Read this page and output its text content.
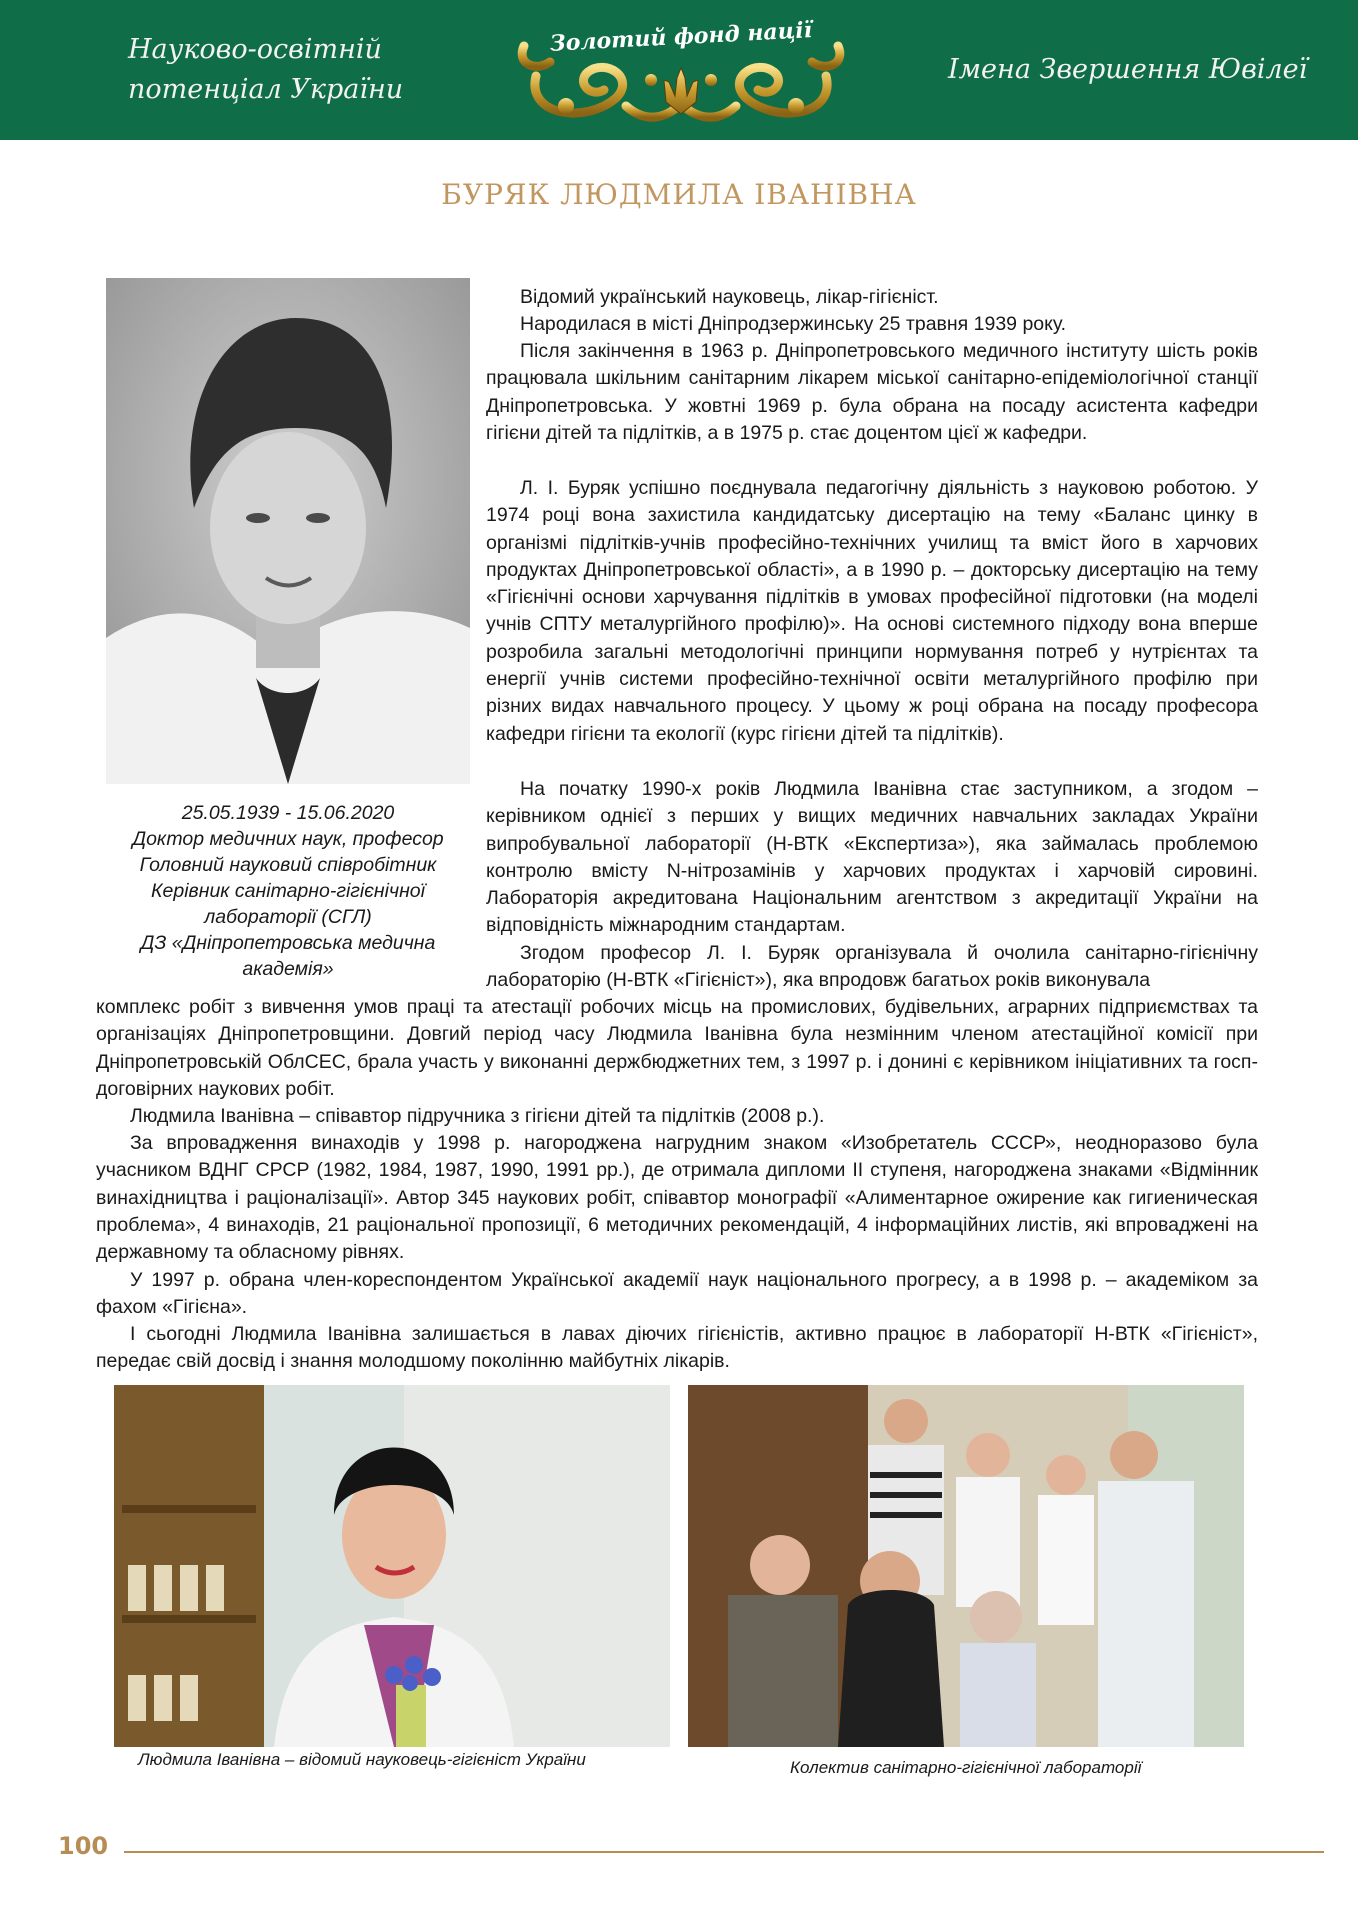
Науково-освітній
потенціал України
Золотий фонд нації
Імена Звершення Ювілеї
БУРЯК ЛЮДМИЛА ІВАНІВНА
25.05.1939 - 15.06.2020
Доктор медичних наук, професор
Головний науковий співробітник
Керівник санітарно-гігієнічної
лабораторії (СГЛ)
ДЗ «Дніпропетровська медична
академія»
Відомий український науковець, лікар-гігієніст.
Народилася в місті Дніпродзержинську 25 травня 1939 року.
Після закінчення в 1963 р. Дніпропетровського медичного інституту шість років працювала шкільним санітарним лікарем міської санітарно-епідеміологічної станції Дніпропетровська. У жовтні 1969 р. була обрана на посаду асистента кафедри гігієни дітей та підлітків, а в 1975 р. стає доцентом цієї ж кафедри.
Л. І. Буряк успішно поєднувала педагогічну діяльність з науковою роботою. У 1974 році вона захистила кандидатську дисертацію на тему «Баланс цинку в організмі підлітків-учнів професійно-технічних училищ та вміст його в харчових продуктах Дніпропетровської області», а в 1990 р. – докторську дисертацію на тему «Гігієнічні основи харчування підлітків в умовах професійної підготовки (на моделі учнів СПТУ металургійного профілю)». На основі системного підходу вона вперше розробила загальні методологічні принципи нормування потреб у нутрієнтах та енергії учнів системи професійно-технічної освіти металургійного профілю при різних видах навчального процесу. У цьому ж році обрана на посаду професора кафедри гігієни та екології (курс гігієни дітей та підлітків).
На початку 1990-х років Людмила Іванівна стає заступником, а згодом – керівником однієї з перших у вищих медичних навчальних закладах України випробувальної лабораторії (Н-ВТК «Експертиза»), яка займалась проблемою контролю вмісту N-нітрозамінів у харчових продуктах і харчовій сировині. Лабораторія акредитована Національним агентством з акредитації України на відповідність міжнародним стандартам.
Згодом професор Л. І. Буряк організувала й очолила санітарно-гігієнічну лабораторію (Н-ВТК «Гігієніст»), яка впродовж багатьох років виконувала
комплекс робіт з вивчення умов праці та атестації робочих місць на промислових, будівельних, аграрних підприємствах та організаціях Дніпропетровщини. Довгий період часу Людмила Іванівна була незмінним членом атестаційної комісії при Дніпропетровській ОблСЕС, брала участь у виконанні держбюджетних тем, з 1997 р. і донині є керівником ініціативних та госп-договірних наукових робіт.
Людмила Іванівна – співавтор підручника з гігієни дітей та підлітків (2008 р.).
За впровадження винаходів у 1998 р. нагороджена нагрудним знаком «Изобретатель СССР», неодноразово була учасником ВДНГ СРСР (1982, 1984, 1987, 1990, 1991 рр.), де отримала дипломи II ступеня, нагороджена знаками «Відмінник винахідництва і раціоналізації». Автор 345 наукових робіт, співавтор монографії «Алиментарное ожирение как гигиеническая проблема», 4 винаходів, 21 раціональної пропозиції, 6 методичних рекомендацій, 4 інформаційних листів, які впроваджені на державному та обласному рівнях.
У 1997 р. обрана член-кореспондентом Української академії наук національного прогресу, а в 1998 р. – академіком за фахом «Гігієна».
І сьогодні Людмила Іванівна залишається в лавах діючих гігієністів, активно працює в лабораторії Н-ВТК «Гігієніст», передає свій досвід і знання молодшому поколінню майбутніх лікарів.
Людмила Іванівна – відомий науковець-гігієніст України	Колектив санітарно-гігієнічної лабораторії
100
